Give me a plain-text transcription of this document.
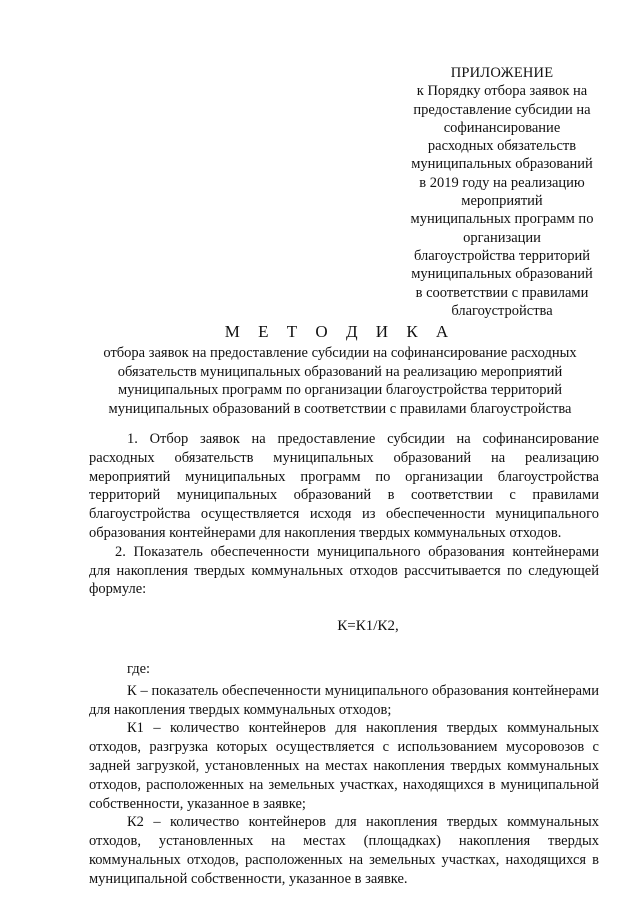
ПРИЛОЖЕНИЕ
к Порядку отбора заявок на
предоставление субсидии на
софинансирование
расходных обязательств
муниципальных образований
в 2019 году на реализацию
мероприятий
муниципальных программ по
организации
благоустройства территорий
муниципальных образований
в соответствии с правилами
благоустройства
М Е Т О Д И К А
отбора заявок на предоставление субсидии на софинансирование расходных
обязательств муниципальных образований на реализацию мероприятий
муниципальных программ по организации благоустройства территорий
муниципальных образований в соответствии с правилами благоустройства

1. Отбор заявок на предоставление субсидии на софинансирование расходных обязательств муниципальных образований на реализацию мероприятий муниципальных программ по организации благоустройства территорий муниципальных образований в соответствии с правилами благоустройства осуществляется исходя из обеспеченности муниципального образования контейнерами для накопления твердых коммунальных отходов.

2. Показатель обеспеченности муниципального образования контейнерами для накопления твердых коммунальных отходов рассчитывается по следующей формуле:

К=К1/К2,
где:

К – показатель обеспеченности муниципального образования контейнерами для накопления твердых коммунальных отходов;

К1 – количество контейнеров для накопления твердых коммунальных отходов, разгрузка которых осуществляется с использованием мусоровозов с задней загрузкой, установленных на местах накопления твердых коммунальных отходов, расположенных на земельных участках, находящихся в муниципальной собственности, указанное в заявке;

К2 – количество контейнеров для накопления твердых коммунальных отходов, установленных на местах (площадках) накопления твердых коммунальных отходов, расположенных на земельных участках, находящихся в муниципальной собственности, указанное в заявке.
